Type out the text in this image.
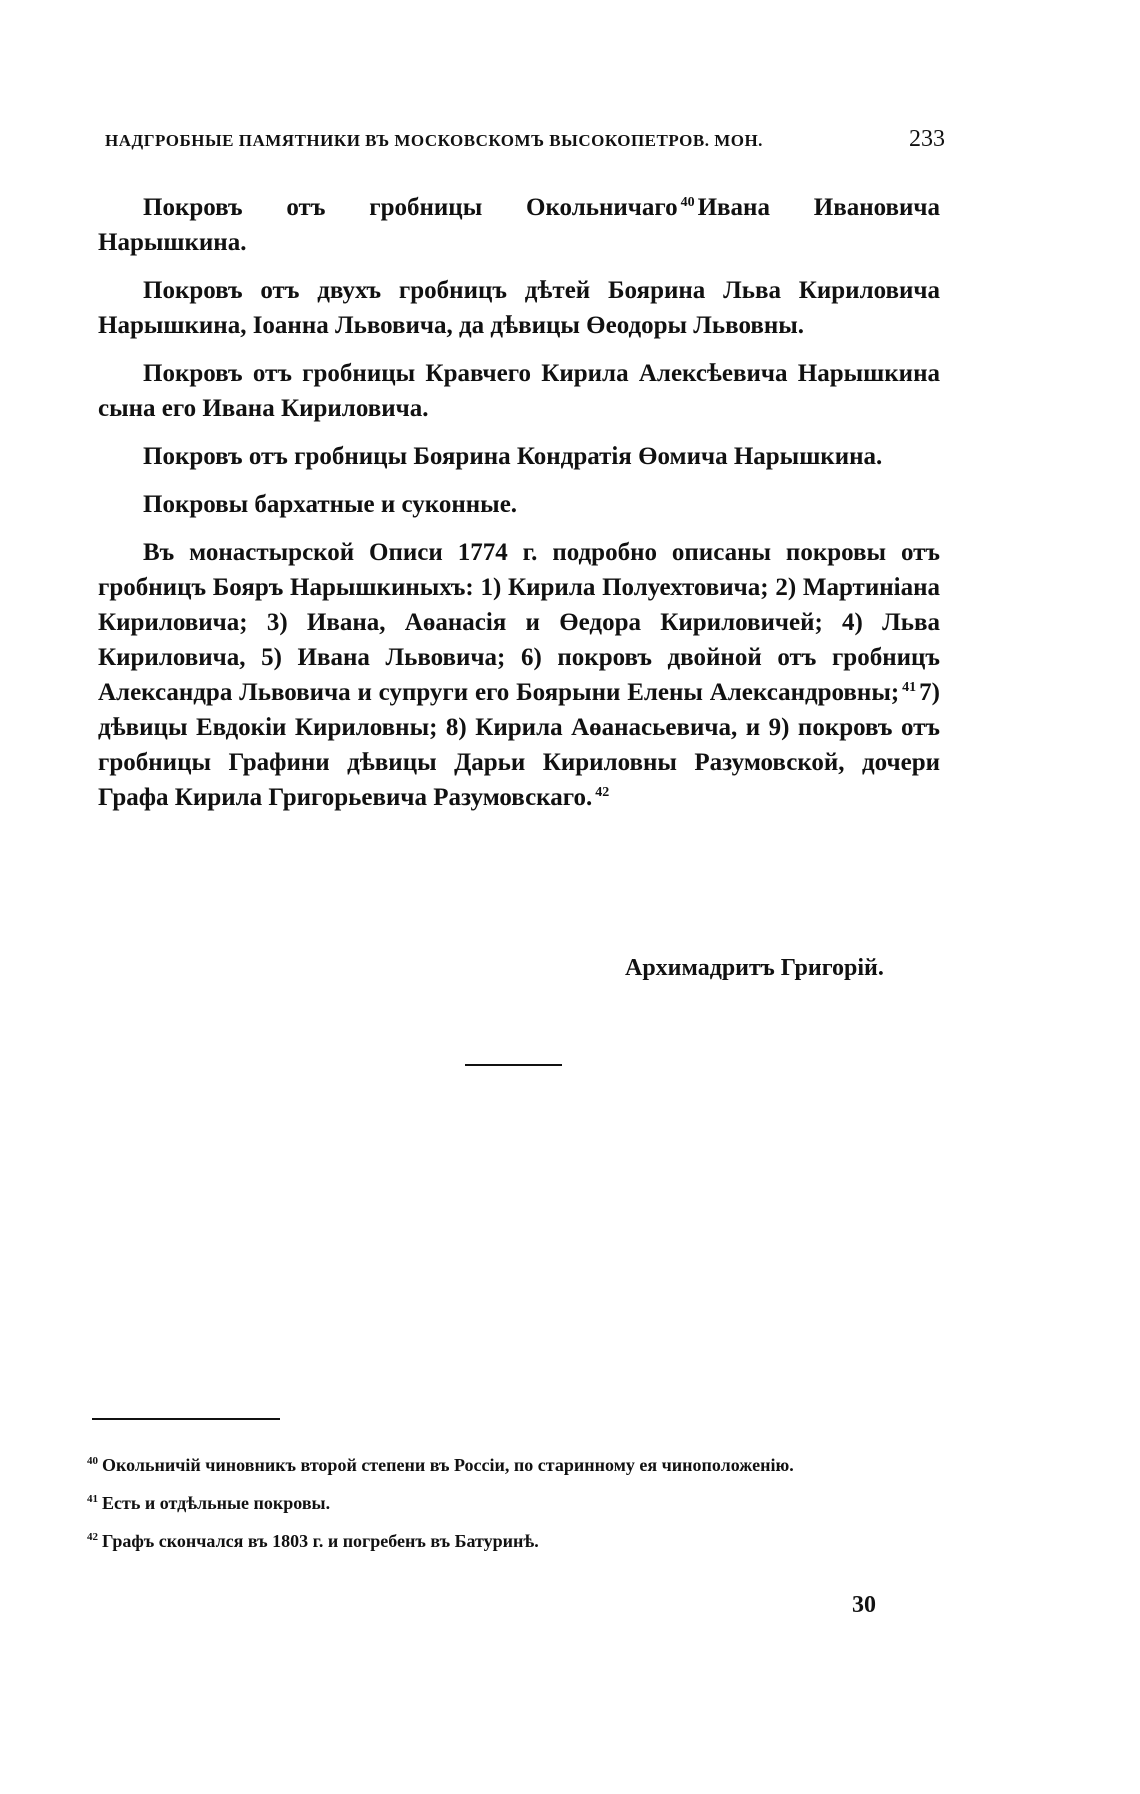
НАДГРОБНЫЕ ПАМЯТНИКИ ВЪ МОСКОВСКОМЪ ВЫСОКОПЕТРОВ. МОН.	233

Покровъ отъ гробницы Окольничаго $^{40}$ Ивана Ивановича Нарышкина.

Покровъ отъ двухъ гробницъ дѣтей Боярина Льва Кириловича Нарышкина, Іоанна Львовича, да дѣвицы Өеодоры Львовны.

Покровъ отъ гробницы Кравчего Кирила Алексѣевича Нарышкина сына его Ивана Кириловича.

Покровъ отъ гробницы Боярина Кондратія Өомича Нарышкина.

Покровы бархатные и суконные.

Въ монастырской Описи 1774 г. подробно описаны покровы отъ гробницъ Бояръ Нарышкиныхъ: 1) Кирила Полуехтовича; 2) Мартиніана Кириловича; 3) Ивана, Аөанасія и Өедора Кириловичей; 4) Льва Кириловича, 5) Ивана Львовича; 6) покровъ двойной отъ гробницъ Александра Львовича и супруги его Боярыни Елены Александровны; $^{41}$ 7) дѣвицы Евдокіи Кириловны; 8) Кирила Аөанасьевича, и 9) покровъ отъ гробницы Графини дѣвицы Дарьи Кириловны Разумовской, дочери Графа Кирила Григорьевича Разумовскаго. $^{42}$

Архимадритъ Григорій.

$^{40}$ Окольничій чиновникъ второй степени въ Россіи, по старинному ея чиноположенію.

$^{41}$ Есть и отдѣльные покровы.

$^{42}$ Графъ скончался въ 1803 г. и погребенъ въ Батуринѣ.

30
